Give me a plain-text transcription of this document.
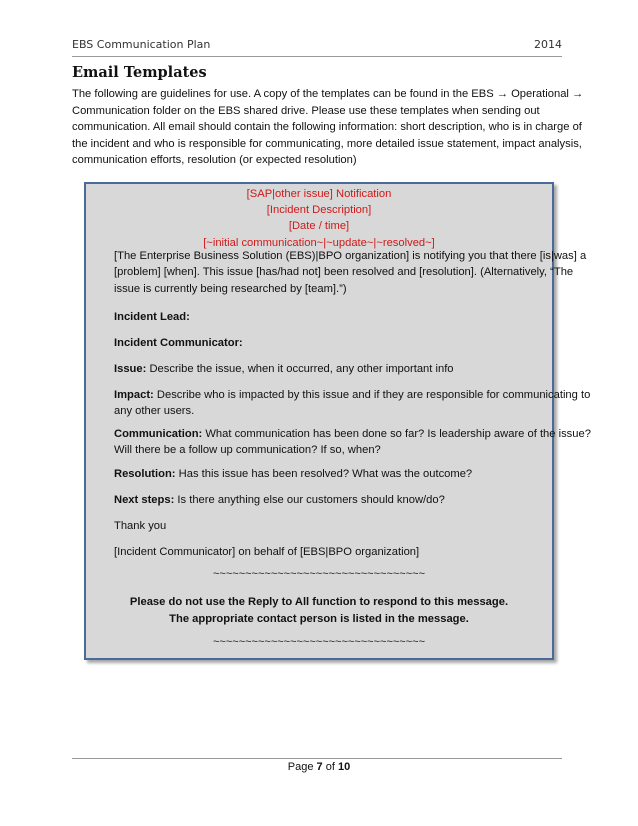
EBS Communication Plan	2014
Email Templates
The following are guidelines for use. A copy of the templates can be found in the EBS → Operational →
Communication folder on the EBS shared drive. Please use these templates when sending out
communication. All email should contain the following information: short description, who is in charge of
the incident and who is responsible for communicating, more detailed issue statement, impact analysis,
communication efforts, resolution (or expected resolution)
[SAP|other issue] Notification
[Incident Description]
[Date / time]
[~initial communication~|~update~|~resolved~]
[The Enterprise Business Solution (EBS)|BPO organization] is notifying you that there [is|was] a
[problem] [when]. This issue [has/had not] been resolved and [resolution]. (Alternatively, “The
issue is currently being researched by [team].”)
Incident Lead:
Incident Communicator:
Issue: Describe the issue, when it occurred, any other important info
Impact: Describe who is impacted by this issue and if they are responsible for communicating to
any other users.
Communication: What communication has been done so far? Is leadership aware of the issue?
Will there be a follow up communication? If so, when?
Resolution: Has this issue has been resolved? What was the outcome?
Next steps: Is there anything else our customers should know/do?
Thank you
[Incident Communicator] on behalf of [EBS|BPO organization]
~~~~~~~~~~~~~~~~~~~~~~~~~~~~~~~~~
Please do not use the Reply to All function to respond to this message.
The appropriate contact person is listed in the message.
~~~~~~~~~~~~~~~~~~~~~~~~~~~~~~~~~
Page 7 of 10
